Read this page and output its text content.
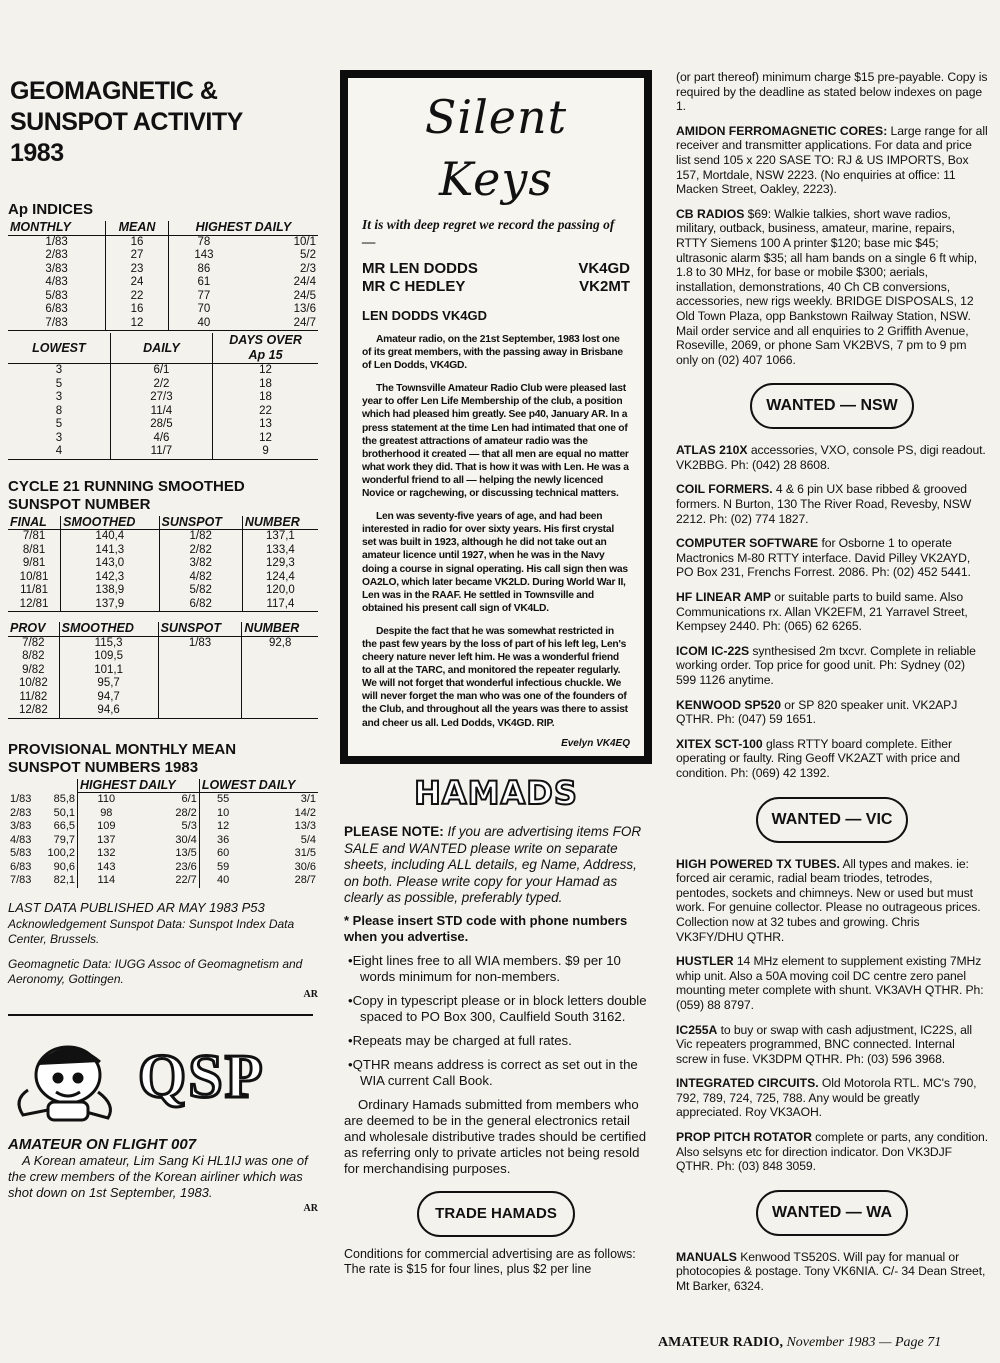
GEOMAGNETIC &
SUNSPOT ACTIVITY
1983
Ap INDICES
MONTHLY	MEAN	HIGHEST DAILY	
1/83	16	78	10/1
2/83	27	143	5/2
3/83	23	86	2/3
4/83	24	61	24/4
5/83	22	77	24/5
6/83	16	70	13/6
7/83	12	40	24/7
LOWEST	DAILY	DAYS OVER
Ap 15

3	6/1	12
5	2/2	18
3	27/3	18
8	11/4	22
5	28/5	13
3	4/6	12
4	11/7	9
CYCLE 21 RUNNING SMOOTHED
SUNSPOT NUMBER
FINAL	SMOOTHED	SUNSPOT	NUMBER
7/81	140,4	1/82	137,1
8/81	141,3	2/82	133,4
9/81	143,0	3/82	129,3
10/81	142,3	4/82	124,4
11/81	138,9	5/82	120,0
12/81	137,9	6/82	117,4
PROV	SMOOTHED	SUNSPOT	NUMBER
7/82	115,3	1/83	92,8
8/82	109,5		
9/82	101,1		
10/82	95,7		
11/82	94,7		
12/82	94,6		
PROVISIONAL MONTHLY MEAN
SUNSPOT NUMBERS 1983
		HIGHEST DAILY		LOWEST DAILY	
1/83	85,8	110	6/1	55	3/1
2/83	50,1	98	28/2	10	14/2
3/83	66,5	109	5/3	12	13/3
4/83	79,7	137	30/4	36	5/4
5/83	100,2	132	13/5	60	31/5
6/83	90,6	143	23/6	59	30/6
7/83	82,1	114	22/7	40	28/7
LAST DATA PUBLISHED AR MAY 1983 P53
Acknowledgement Sunspot Data: Sunspot Index Data Center, Brussels.
Geomagnetic Data: IUGG Assoc of Geomagnetism and Aeronomy, Gottingen.
AR
QSP
AMATEUR ON FLIGHT 007
A Korean amateur, Lim Sang Ki HL1IJ was one of the crew members of the Korean airliner which was shot down on 1st September, 1983.
AR
Silent Keys
It is with deep regret we record the passing of —
MR LEN DODDS	VK4GD
MR C HEDLEY	VK2MT
LEN DODDS VK4GD
Amateur radio, on the 21st September, 1983 lost one of its great members, with the passing away in Brisbane of Len Dodds, VK4GD.
The Townsville Amateur Radio Club were pleased last year to offer Len Life Membership of the club, a position which had pleased him greatly. See p40, January AR. In a press statement at the time Len had intimated that one of the greatest attractions of amateur radio was the brotherhood it created — that all men are equal no matter what work they did. That is how it was with Len. He was a wonderful friend to all — helping the newly licenced Novice or ragchewing, or discussing technical matters.
Len was seventy-five years of age, and had been interested in radio for over sixty years. His first crystal set was built in 1923, although he did not take out an amateur licence until 1927, when he was in the Navy doing a course in signal operating. His call sign then was OA2LO, which later became VK2LD. During World War II, Len was in the RAAF. He settled in Townsville and obtained his present call sign of VK4LD.
Despite the fact that he was somewhat restricted in the past few years by the loss of part of his left leg, Len's cheery nature never left him. He was a wonderful friend to all at the TARC, and monitored the repeater regularly. We will not forget that wonderful infectious chuckle. We will never forget the man who was one of the founders of the Club, and throughout all the years was there to assist and cheer us all. Led Dodds, VK4GD. RIP.
Evelyn VK4EQ
HAMADS
PLEASE NOTE: If you are advertising items FOR SALE and WANTED please write on separate sheets, including ALL details, eg Name, Address, on both. Please write copy for your Hamad as clearly as possible, preferably typed.
* Please insert STD code with phone numbers when you advertise.
•Eight lines free to all WIA members. $9 per 10 words minimum for non-members.
•Copy in typescript please or in block letters double spaced to PO Box 300, Caulfield South 3162.
•Repeats may be charged at full rates.
•QTHR means address is correct as set out in the WIA current Call Book.
Ordinary Hamads submitted from members who are deemed to be in the general electronics retail and wholesale distributive trades should be certified as referring only to private articles not being resold for merchandising purposes.
TRADE HAMADS
Conditions for commercial advertising are as follows: The rate is $15 for four lines, plus $2 per line
(or part thereof) minimum charge $15 pre-payable. Copy is required by the deadline as stated below indexes on page 1.
AMIDON FERROMAGNETIC CORES: Large range for all receiver and transmitter applications. For data and price list send 105 x 220 SASE TO: RJ & US IMPORTS, Box 157, Mortdale, NSW 2223. (No enquiries at office: 11 Macken Street, Oakley, 2223).
CB RADIOS $69: Walkie talkies, short wave radios, military, outback, business, amateur, marine, repairs, RTTY Siemens 100 A printer $120; base mic $45; ultrasonic alarm $35; all ham bands on a single 6 ft whip, 1.8 to 30 MHz, for base or mobile $300; aerials, installation, demonstrations, 40 Ch CB conversions, accessories, new rigs weekly. BRIDGE DISPOSALS, 12 Old Town Plaza, opp Bankstown Railway Station, NSW. Mail order service and all enquiries to 2 Griffith Avenue, Roseville, 2069, or phone Sam VK2BVS, 7 pm to 9 pm only on (02) 407 1066.
WANTED — NSW
ATLAS 210X accessories, VXO, console PS, digi readout. VK2BBG. Ph: (042) 28 8608.
COIL FORMERS. 4 & 6 pin UX base ribbed & grooved formers. N Burton, 130 The River Road, Revesby, NSW 2212. Ph: (02) 774 1827.
COMPUTER SOFTWARE for Osborne 1 to operate Mactronics M-80 RTTY interface. David Pilley VK2AYD, PO Box 231, Frenchs Forrest. 2086. Ph: (02) 452 5441.
HF LINEAR AMP or suitable parts to build same. Also Communications rx. Allan VK2EFM, 21 Yarravel Street, Kempsey 2440. Ph: (065) 62 6265.
ICOM IC-22S synthesised 2m txcvr. Complete in reliable working order. Top price for good unit. Ph: Sydney (02) 599 1126 anytime.
KENWOOD SP520 or SP 820 speaker unit. VK2APJ QTHR. Ph: (047) 59 1651.
XITEX SCT-100 glass RTTY board complete. Either operating or faulty. Ring Geoff VK2AZT with price and condition. Ph: (069) 42 1392.
WANTED — VIC
HIGH POWERED TX TUBES. All types and makes. ie: forced air ceramic, radial beam triodes, tetrodes, pentodes, sockets and chimneys. New or used but must work. For genuine collector. Please no outrageous prices. Collection now at 32 tubes and growing. Chris VK3FY/DHU QTHR.
HUSTLER 14 MHz element to supplement existing 7MHz whip unit. Also a 50A moving coil DC centre zero panel mounting meter complete with shunt. VK3AVH QTHR. Ph: (059) 88 8797.
IC255A to buy or swap with cash adjustment, IC22S, all Vic repeaters programmed, BNC connected. Internal screw in fuse. VK3DPM QTHR. Ph: (03) 596 3968.
INTEGRATED CIRCUITS. Old Motorola RTL. MC's 790, 792, 789, 724, 725, 788. Any would be greatly appreciated. Roy VK3AOH.
PROP PITCH ROTATOR complete or parts, any condition. Also selsyns etc for direction indicator. Don VK3DJF QTHR. Ph: (03) 848 3059.
WANTED — WA
MANUALS Kenwood TS520S. Will pay for manual or photocopies & postage. Tony VK6NIA. C/- 34 Dean Street, Mt Barker, 6324.
AMATEUR RADIO, November 1983 — Page 71
